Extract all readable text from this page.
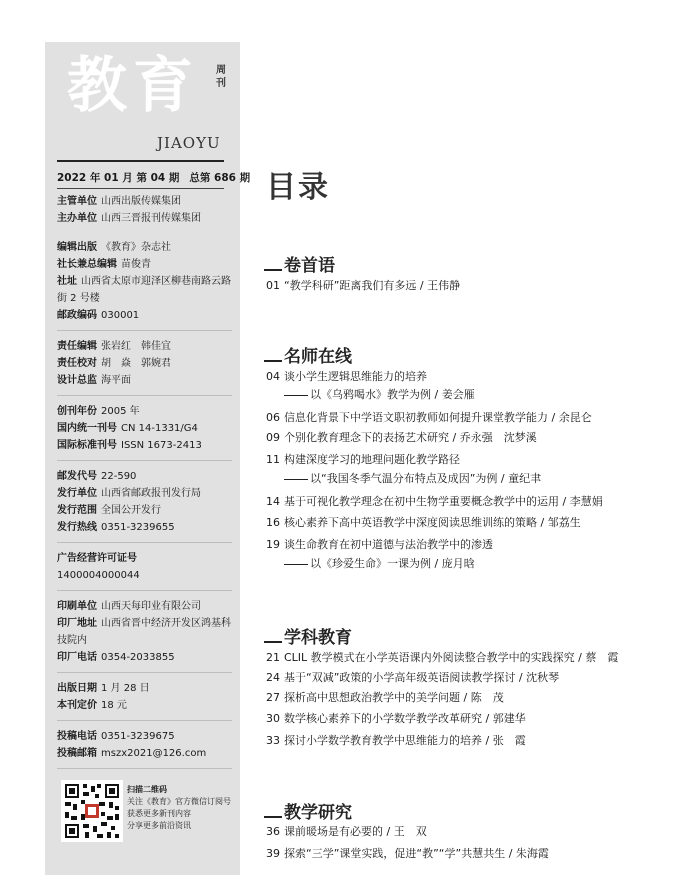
教育 周刊
JIAOYU
2022 年 01 月 第 04 期 总第 686 期
主管单位 山西出版传媒集团
主办单位 山西三晋报刊传媒集团
编辑出版 《教育》杂志社
社长兼总编辑 苗俊青
社址 山西省太原市迎泽区柳巷南路云路街 2 号楼
邮政编码 030001
责任编辑 张岩红　韩佳宜
责任校对 胡　焱　郭婉君
设计总监 海平面
创刊年份 2005 年
国内统一刊号 CN 14-1331/G4
国际标准刊号 ISSN 1673-2413
邮发代号 22-590
发行单位 山西省邮政报刊发行局
发行范围 全国公开发行
发行热线 0351-3239655
广告经营许可证号
1400004000044
印刷单位 山西天每印业有限公司
印厂地址 山西省晋中经济开发区鸿基科技院内
印厂电话 0354-2033855
出版日期 1 月 28 日
本刊定价 18 元
投稿电话 0351-3239675
投稿邮箱 mszx2021@126.com
扫描二维码
关注《教育》官方微信订阅号
获悉更多新刊内容
分享更多前沿资讯
目录
卷首语
01 “教学科研”距离我们有多远 / 王伟静
名师在线
04 谈小学生逻辑思维能力的培养
以《乌鸦喝水》教学为例 / 姜会雁
06 信息化背景下中学语文职初教师如何提升课堂教学能力 / 余昆仑
09 个别化教育理念下的表扬艺术研究 / 乔永强　沈梦溪
11 构建深度学习的地理问题化教学路径
以“我国冬季气温分布特点及成因”为例 / 童纪聿
14 基于可视化教学理念在初中生物学重要概念教学中的运用 / 李慧娟
16 核心素养下高中英语教学中深度阅读思维训练的策略 / 邹荔生
19 谈生命教育在初中道德与法治教学中的渗透
以《珍爱生命》一课为例 / 庞月晗
学科教育
21 CLIL 教学模式在小学英语课内外阅读整合教学中的实践探究 / 蔡　霞
24 基于“双减”政策的小学高年级英语阅读教学探讨 / 沈秋琴
27 探析高中思想政治教学中的美学问题 / 陈　茂
30 数学核心素养下的小学数学教学改革研究 / 郭建华
33 探讨小学数学教育教学中思维能力的培养 / 张　霞
教学研究
36 课前暖场是有必要的 / 王　双
39 探索“三学”课堂实践，促进“教”“学”共慧共生 / 朱海霞
